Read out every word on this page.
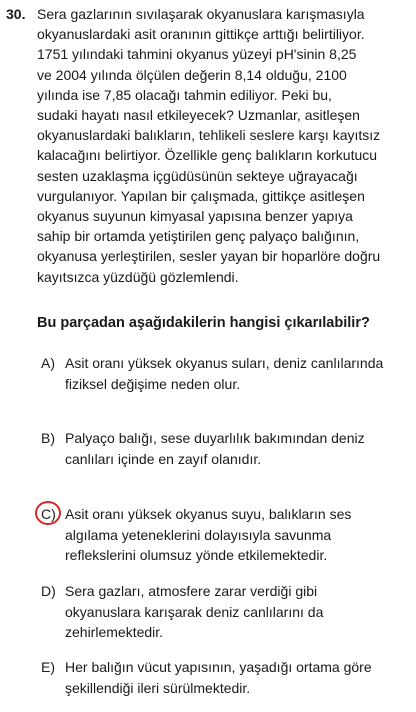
30. Sera gazlarının sıvılaşarak okyanuslara karışmasıyla
okyanuslardaki asit oranının gittikçe arttığı belirtiliyor.
1751 yılındaki tahmini okyanus yüzeyi pH'sinin 8,25
ve 2004 yılında ölçülen değerin 8,14 olduğu, 2100
yılında ise 7,85 olacağı tahmin ediliyor. Peki bu,
sudaki hayatı nasıl etkileyecek? Uzmanlar, asitleşen
okyanuslardaki balıkların, tehlikeli seslere karşı kayıtsız
kalacağını belirtiyor. Özellikle genç balıkların korkutucu
sesten uzaklaşma içgüdüsünün sekteye uğrayacağı
vurgulanıyor. Yapılan bir çalışmada, gittikçe asitleşen
okyanus suyunun kimyasal yapısına benzer yapıya
sahip bir ortamda yetiştirilen genç palyaço balığının,
okyanusa yerleştirilen, sesler yayan bir hoparlöre doğru
kayıtsızca yüzdüğü gözlemlendi.
Bu parçadan aşağıdakilerin hangisi çıkarılabilir?
A) Asit oranı yüksek okyanus suları, deniz canlılarında
fiziksel değişime neden olur.
B) Palyaço balığı, sese duyarlılık bakımından deniz
canlıları içinde en zayıf olanıdır.
C) Asit oranı yüksek okyanus suyu, balıkların ses
algılama yeteneklerini dolayısıyla savunma
reflekslerini olumsuz yönde etkilemektedir.
D) Sera gazları, atmosfere zarar verdiği gibi
okyanuslara karışarak deniz canlılarını da
zehirlemektedir.
E) Her balığın vücut yapısının, yaşadığı ortama göre
şekillendiği ileri sürülmektedir.
